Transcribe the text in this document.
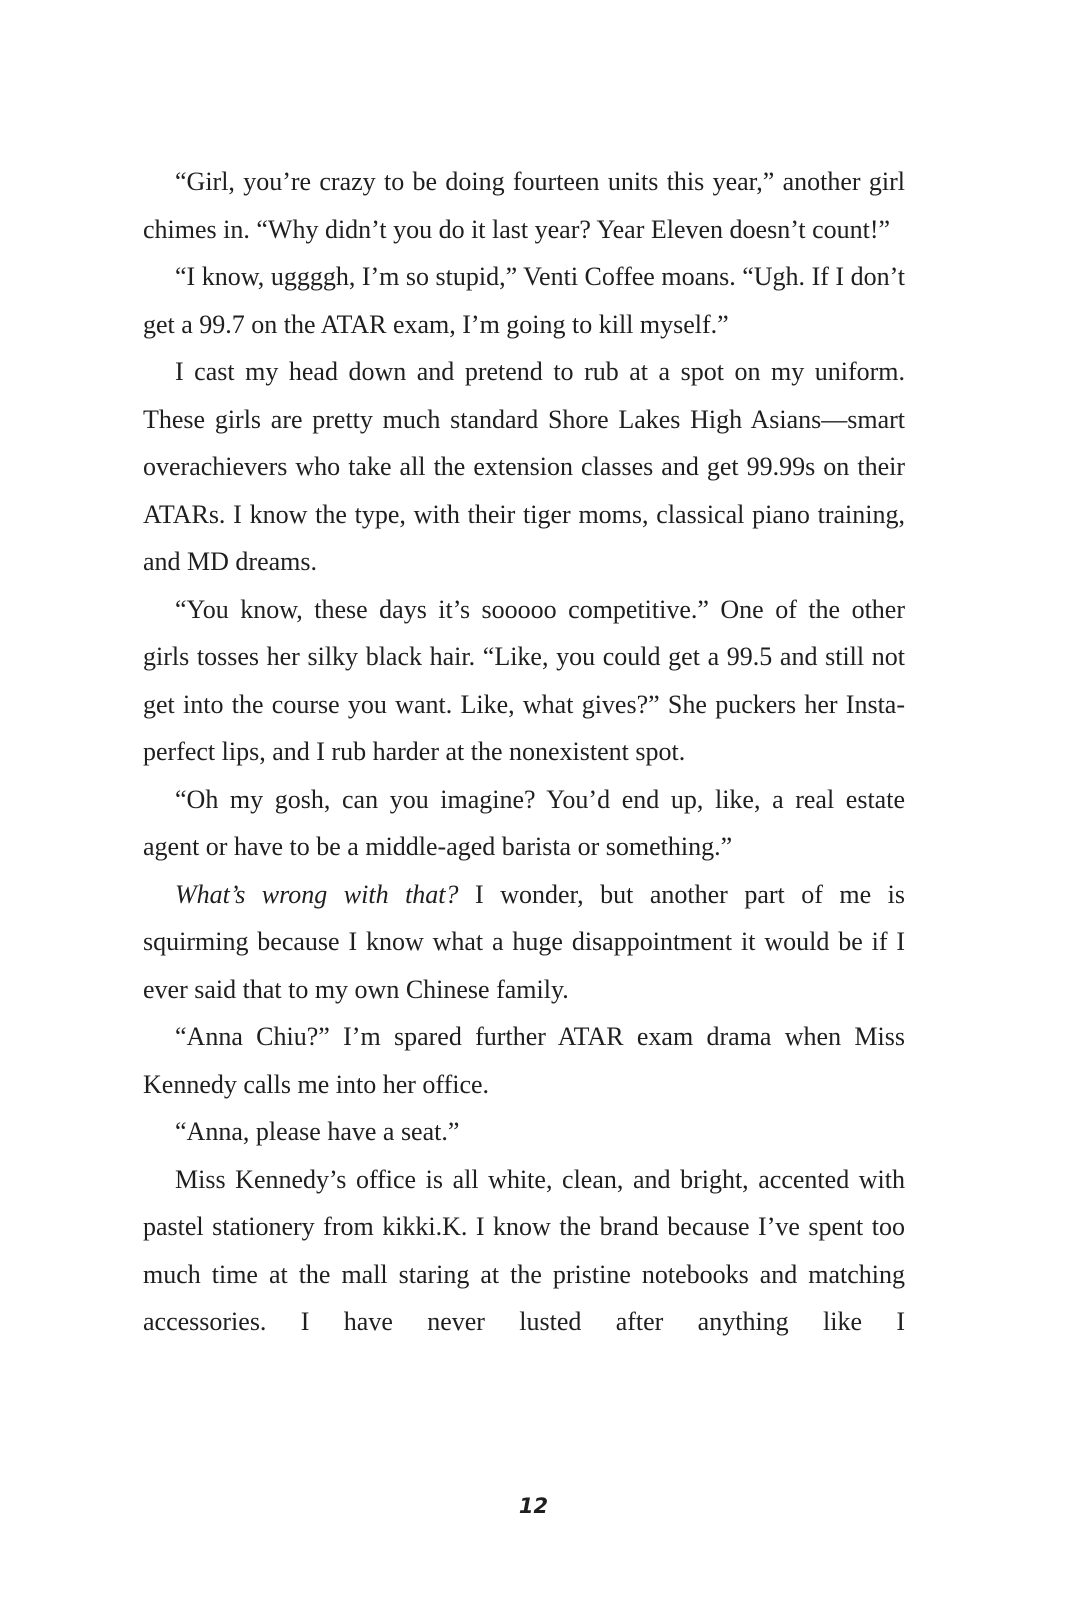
“Girl, you’re crazy to be doing fourteen units this year,” another girl chimes in. “Why didn’t you do it last year? Year Eleven doesn’t count!”

“I know, uggggh, I’m so stupid,” Venti Coffee moans. “Ugh. If I don’t get a 99.7 on the ATAR exam, I’m going to kill myself.”

I cast my head down and pretend to rub at a spot on my uniform. These girls are pretty much standard Shore Lakes High Asians—smart overachievers who take all the extension classes and get 99.99s on their ATARs. I know the type, with their tiger moms, classical piano training, and MD dreams.

“You know, these days it’s sooooo competitive.” One of the other girls tosses her silky black hair. “Like, you could get a 99.5 and still not get into the course you want. Like, what gives?” She puckers her Insta-perfect lips, and I rub harder at the nonexistent spot.

“Oh my gosh, can you imagine? You’d end up, like, a real estate agent or have to be a middle-aged barista or something.”

What’s wrong with that? I wonder, but another part of me is squirming because I know what a huge disappointment it would be if I ever said that to my own Chinese family.

“Anna Chiu?” I’m spared further ATAR exam drama when Miss Kennedy calls me into her office.

“Anna, please have a seat.”

Miss Kennedy’s office is all white, clean, and bright, accented with pastel stationery from kikki.K. I know the brand because I’ve spent too much time at the mall staring at the pristine notebooks and matching accessories. I have never lusted after anything like I

12
